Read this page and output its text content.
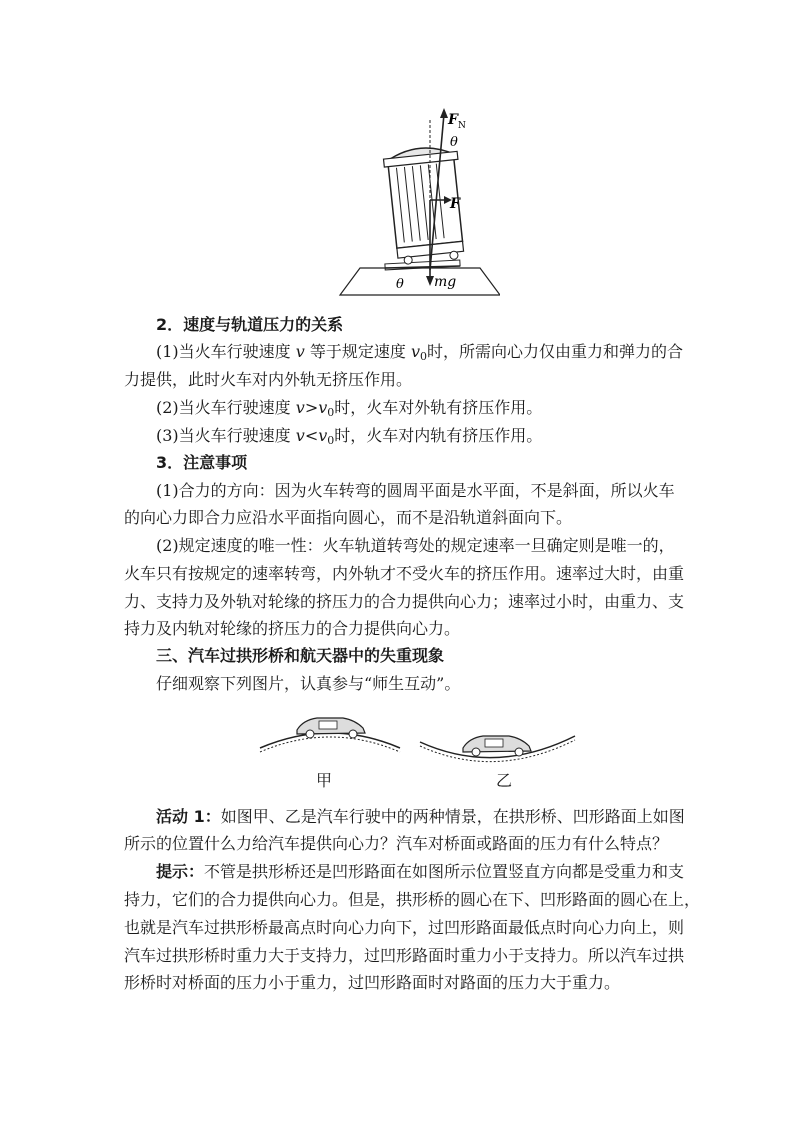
F N
θ
F
θ mg
2．速度与轨道压力的关系
(1)当火车行驶速度 v 等于规定速度 $v_0$时，所需向心力仅由重力和弹力的合
力提供，此时火车对内外轨无挤压作用。
(2)当火车行驶速度 $v>v_0$时，火车对外轨有挤压作用。
(3)当火车行驶速度 $v<v_0$时，火车对内轨有挤压作用。
3．注意事项
(1)合力的方向：因为火车转弯的圆周平面是水平面，不是斜面，所以火车
的向心力即合力应沿水平面指向圆心，而不是沿轨道斜面向下。
(2)规定速度的唯一性：火车轨道转弯处的规定速率一旦确定则是唯一的，
火车只有按规定的速率转弯，内外轨才不受火车的挤压作用。速率过大时，由重
力、支持力及外轨对轮缘的挤压力的合力提供向心力；速率过小时，由重力、支
持力及内轨对轮缘的挤压力的合力提供向心力。
三、汽车过拱形桥和航天器中的失重现象
仔细观察下列图片，认真参与“师生互动”。
甲	乙
活动 1：如图甲、乙是汽车行驶中的两种情景，在拱形桥、凹形路面上如图
所示的位置什么力给汽车提供向心力？汽车对桥面或路面的压力有什么特点？
提示：不管是拱形桥还是凹形路面在如图所示位置竖直方向都是受重力和支
持力，它们的合力提供向心力。但是，拱形桥的圆心在下、凹形路面的圆心在上，
也就是汽车过拱形桥最高点时向心力向下，过凹形路面最低点时向心力向上，则
汽车过拱形桥时重力大于支持力，过凹形路面时重力小于支持力。所以汽车过拱
形桥时对桥面的压力小于重力，过凹形路面时对路面的压力大于重力。
